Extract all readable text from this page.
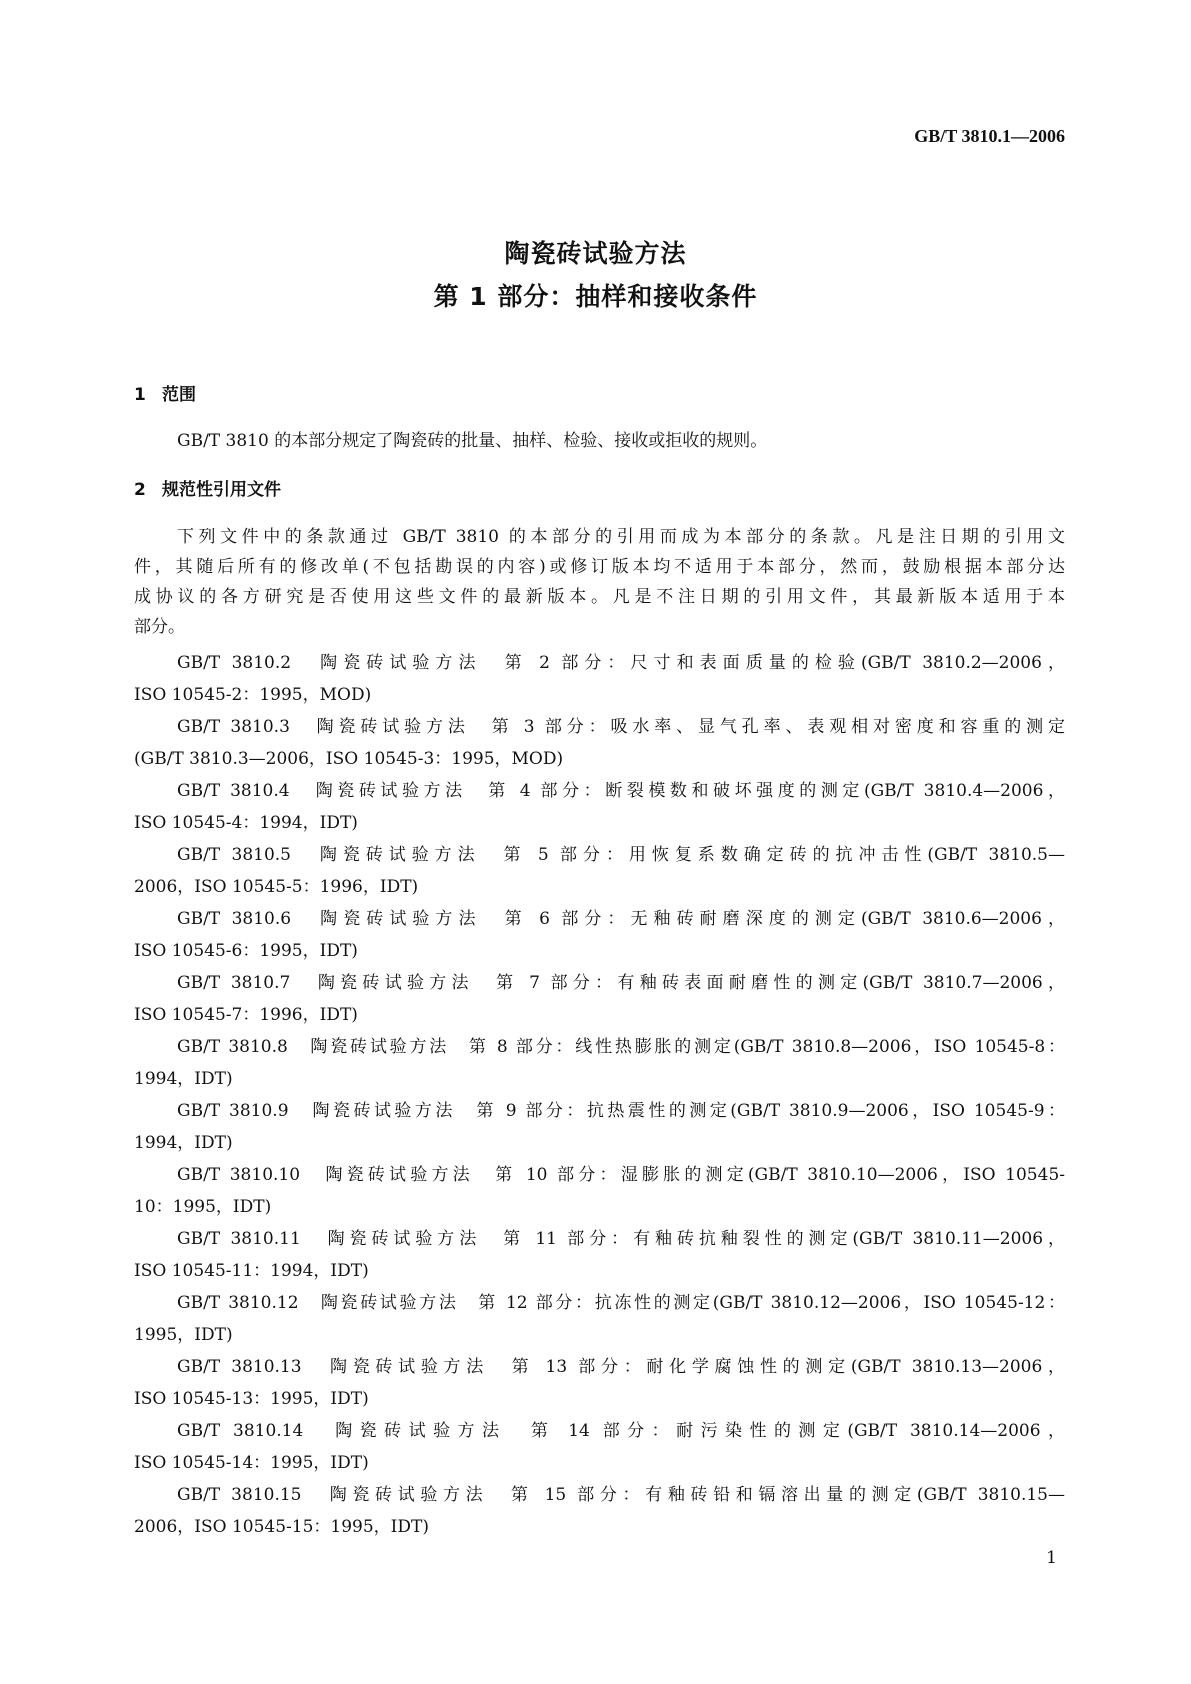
GB/T 3810.1—2006
陶瓷砖试验方法
第 1 部分：抽样和接收条件
1 范围
GB/T 3810 的本部分规定了陶瓷砖的批量、抽样、检验、接收或拒收的规则。
2 规范性引用文件
下列文件中的条款通过 GB/T 3810 的本部分的引用而成为本部分的条款。凡是注日期的引用文
件，其随后所有的修改单(不包括勘误的内容)或修订版本均不适用于本部分，然而，鼓励根据本部分达
成协议的各方研究是否使用这些文件的最新版本。凡是不注日期的引用文件，其最新版本适用于本
部分。
GB/T 3810.2　陶瓷砖试验方法　第 2 部分：尺寸和表面质量的检验(GB/T 3810.2—2006，
ISO 10545-2：1995，MOD)
GB/T 3810.3　陶瓷砖试验方法　第 3 部分：吸水率、显气孔率、表观相对密度和容重的测定
(GB/T 3810.3—2006，ISO 10545-3：1995，MOD)
GB/T 3810.4　陶瓷砖试验方法　第 4 部分：断裂模数和破坏强度的测定(GB/T 3810.4—2006，
ISO 10545-4：1994，IDT)
GB/T 3810.5　陶瓷砖试验方法　第 5 部分：用恢复系数确定砖的抗冲击性(GB/T 3810.5—
2006，ISO 10545-5：1996，IDT)
GB/T 3810.6　陶瓷砖试验方法　第 6 部分：无釉砖耐磨深度的测定(GB/T 3810.6—2006，
ISO 10545-6：1995，IDT)
GB/T 3810.7　陶瓷砖试验方法　第 7 部分：有釉砖表面耐磨性的测定(GB/T 3810.7—2006，
ISO 10545-7：1996，IDT)
GB/T 3810.8　陶瓷砖试验方法　第 8 部分：线性热膨胀的测定(GB/T 3810.8—2006，ISO 10545-8：
1994，IDT)
GB/T 3810.9　陶瓷砖试验方法　第 9 部分：抗热震性的测定(GB/T 3810.9—2006，ISO 10545-9：
1994，IDT)
GB/T 3810.10　陶瓷砖试验方法　第 10 部分：湿膨胀的测定(GB/T 3810.10—2006，ISO 10545-
10：1995，IDT)
GB/T 3810.11　陶瓷砖试验方法　第 11 部分：有釉砖抗釉裂性的测定(GB/T 3810.11—2006，
ISO 10545-11：1994，IDT)
GB/T 3810.12　陶瓷砖试验方法　第 12 部分：抗冻性的测定(GB/T 3810.12—2006，ISO 10545-12：
1995，IDT)
GB/T 3810.13　陶瓷砖试验方法　第 13 部分：耐化学腐蚀性的测定(GB/T 3810.13—2006，
ISO 10545-13：1995，IDT)
GB/T 3810.14　陶瓷砖试验方法　第 14 部分：耐污染性的测定(GB/T 3810.14—2006，
ISO 10545-14：1995，IDT)
GB/T 3810.15　陶瓷砖试验方法　第 15 部分：有釉砖铅和镉溶出量的测定(GB/T 3810.15—
2006，ISO 10545-15：1995，IDT)
1
